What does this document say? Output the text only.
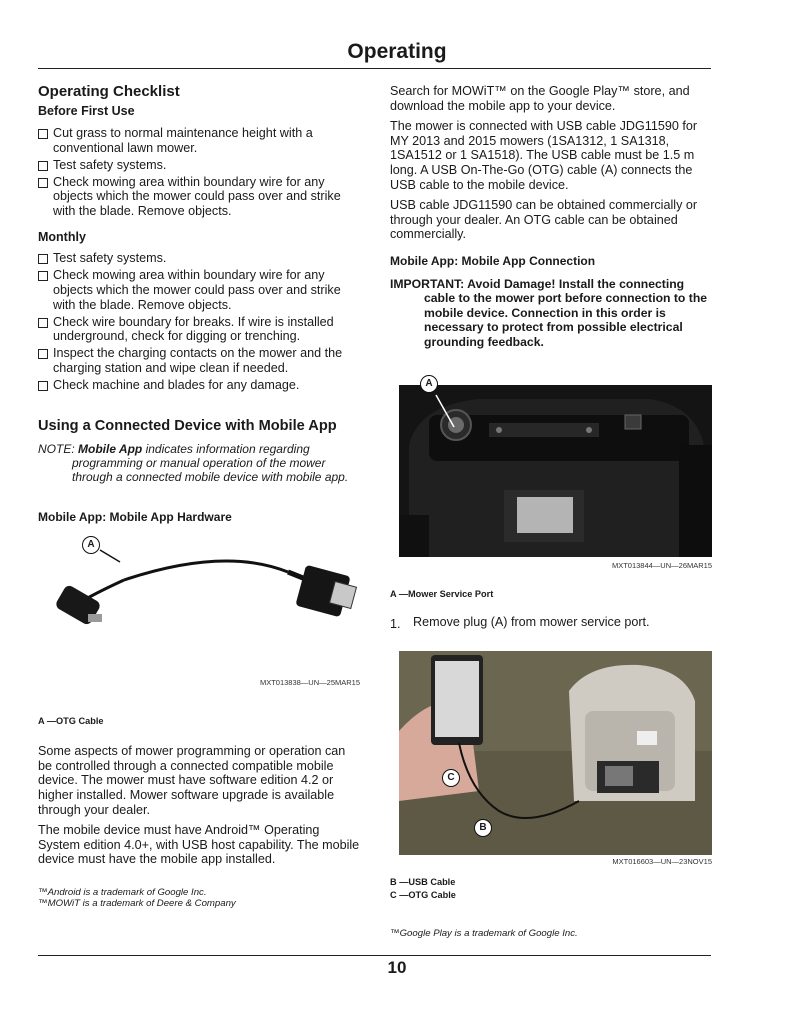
Operating
Operating Checklist
Before First Use
Cut grass to normal maintenance height with a conventional lawn mower.
Test safety systems.
Check mowing area within boundary wire for any objects which the mower could pass over and strike with the blade. Remove objects.
Monthly
Test safety systems.
Check mowing area within boundary wire for any objects which the mower could pass over and strike with the blade. Remove objects.
Check wire boundary for breaks. If wire is installed underground, check for digging or trenching.
Inspect the charging contacts on the mower and the charging station and wipe clean if needed.
Check machine and blades for any damage.
Using a Connected Device with Mobile App
NOTE: Mobile App indicates information regarding
programming or manual operation of the mower through a connected mobile device with mobile app.
Mobile App: Mobile App Hardware
A
MXT013838—UN—25MAR15
A —OTG Cable

Some aspects of mower programming or operation can be controlled through a connected compatible mobile device. The mower must have software edition 4.2 or higher installed. Mower software upgrade is available through your dealer.

The mobile device must have Android™ Operating System edition 4.0+, with USB host capability. The mobile device must have the mobile app installed.

™Android is a trademark of Google Inc.
™MOWiT is a trademark of Deere & Company

Search for MOWiT™ on the Google Play™ store, and download the mobile app to your device.

The mower is connected with USB cable JDG11590 for MY 2013 and 2015 mowers (1SA1312, 1 SA1318, 1SA1512 or 1 SA1518). The USB cable must be 1.5 m long. A USB On-The-Go (OTG) cable (A) connects the USB cable to the mobile device.

USB cable JDG11590 can be obtained commercially or through your dealer. An OTG cable can be obtained commercially.

Mobile App: Mobile App Connection
IMPORTANT: Avoid Damage! Install the connecting
cable to the mower port before connection to the mobile device. Connection in this order is necessary to protect from possible electrical grounding feedback.
A
MXT013844—UN—26MAR15
A —Mower Service Port
1. Remove plug (A) from mower service port.
C
B
MXT016603—UN—23NOV15
B —USB Cable
C —OTG Cable
™Google Play is a trademark of Google Inc.
10
